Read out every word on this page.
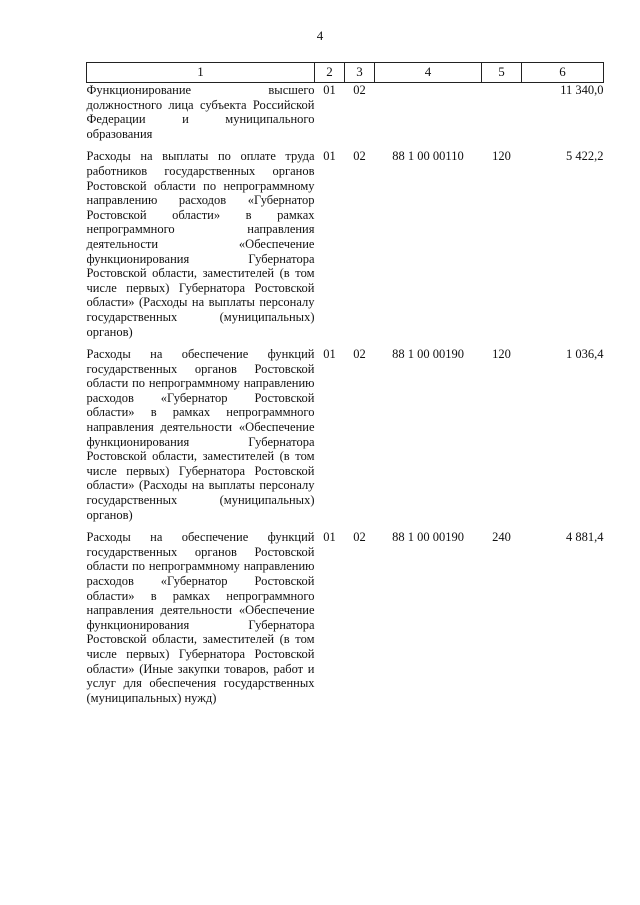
4
1	2	3	4	5	6
Функционирование высшего должностного лица субъекта Российской Федерации и муниципального образования	01	02			11 340,0

Расходы на выплаты по оплате труда работников государственных органов Ростовской области по непрограммному направлению расходов «Губернатор Ростовской области» в рамках непрограммного направления деятельности «Обеспечение функционирования Губернатора Ростовской области, заместителей (в том числе первых) Губернатора Ростовской области» (Расходы на выплаты персоналу государственных (муниципальных) органов)	01	02	88 1 00 00110	120	5 422,2

Расходы на обеспечение функций государственных органов Ростовской области по непрограммному направлению расходов «Губернатор Ростовской области» в рамках непрограммного направления деятельности «Обеспечение функционирования Губернатора Ростовской области, заместителей (в том числе первых) Губернатора Ростовской области» (Расходы на выплаты персоналу государственных (муниципальных) органов)	01	02	88 1 00 00190	120	1 036,4

Расходы на обеспечение функций государственных органов Ростовской области по непрограммному направлению расходов «Губернатор Ростовской области» в рамках непрограммного направления деятельности «Обеспечение функционирования Губернатора Ростовской области, заместителей (в том числе первых) Губернатора Ростовской области» (Иные закупки товаров, работ и услуг для обеспечения государственных (муниципальных) нужд)	01	02	88 1 00 00190	240	4 881,4
